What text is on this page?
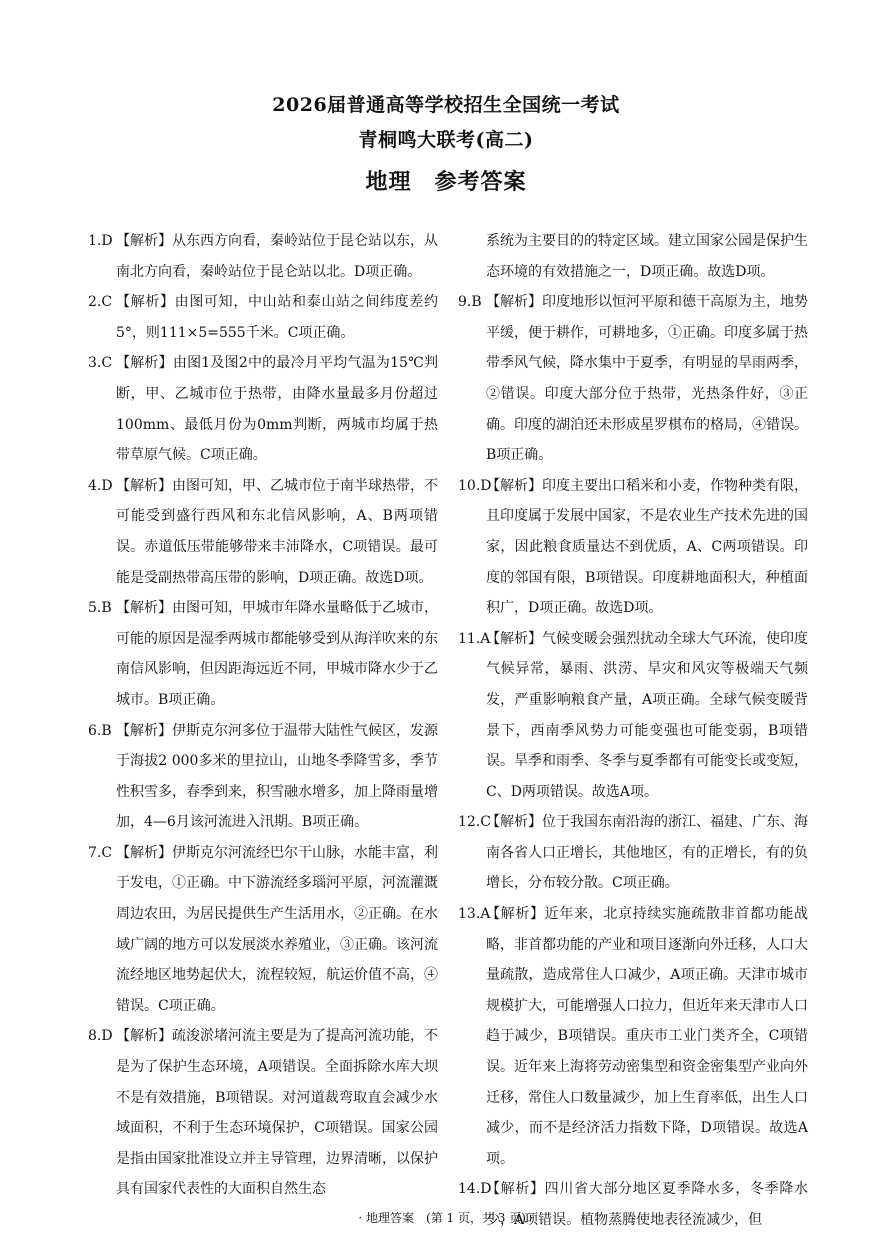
2026届普通高等学校招生全国统一考试
青桐鸣大联考(高二)
地理　参考答案
1.D 【解析】从东西方向看，秦岭站位于昆仑站以东，从南北方向看，秦岭站位于昆仑站以北。D项正确。
2.C 【解析】由图可知，中山站和泰山站之间纬度差约5°，则111×5=555千米。C项正确。
3.C 【解析】由图1及图2中的最冷月平均气温为15℃判断，甲、乙城市位于热带，由降水量最多月份超过100mm、最低月份为0mm判断，两城市均属于热带草原气候。C项正确。
4.D 【解析】由图可知，甲、乙城市位于南半球热带，不可能受到盛行西风和东北信风影响，A、B两项错误。赤道低压带能够带来丰沛降水，C项错误。最可能是受副热带高压带的影响，D项正确。故选D项。
5.B 【解析】由图可知，甲城市年降水量略低于乙城市，可能的原因是湿季两城市都能够受到从海洋吹来的东南信风影响，但因距海远近不同，甲城市降水少于乙城市。B项正确。
6.B 【解析】伊斯克尔河多位于温带大陆性气候区，发源于海拔2 000多米的里拉山，山地冬季降雪多，季节性积雪多，春季到来，积雪融水增多，加上降雨量增加，4—6月该河流进入汛期。B项正确。
7.C 【解析】伊斯克尔河流经巴尔干山脉，水能丰富，利于发电，①正确。中下游流经多瑙河平原，河流灌溉周边农田，为居民提供生产生活用水，②正确。在水域广阔的地方可以发展淡水养殖业，③正确。该河流流经地区地势起伏大，流程较短，航运价值不高，④错误。C项正确。
8.D 【解析】疏浚淤堵河流主要是为了提高河流功能，不是为了保护生态环境，A项错误。全面拆除水库大坝不是有效措施，B项错误。对河道裁弯取直会减少水域面积，不利于生态环境保护，C项错误。国家公园是指由国家批准设立并主导管理，边界清晰，以保护具有国家代表性的大面积自然生态
系统为主要目的的特定区域。建立国家公园是保护生态环境的有效措施之一，D项正确。故选D项。
9.B 【解析】印度地形以恒河平原和德干高原为主，地势平缓，便于耕作，可耕地多，①正确。印度多属于热带季风气候，降水集中于夏季，有明显的旱雨两季，②错误。印度大部分位于热带，光热条件好，③正确。印度的湖泊还未形成星罗棋布的格局，④错误。B项正确。
10.D
【解析】印度主要出口稻米和小麦，作物种类有限，且印度属于发展中国家，不是农业生产技术先进的国家，因此粮食质量达不到优质，A、C两项错误。印度的邻国有限，B项错误。印度耕地面积大，种植面积广，D项正确。故选D项。
11.A
【解析】气候变暖会强烈扰动全球大气环流，使印度气候异常，暴雨、洪涝、旱灾和风灾等极端天气频发，严重影响粮食产量，A项正确。全球气候变暖背景下，西南季风势力可能变强也可能变弱，B项错误。旱季和雨季、冬季与夏季都有可能变长或变短，C、D两项错误。故选A项。
12.C
【解析】位于我国东南沿海的浙江、福建、广东、海南各省人口正增长，其他地区，有的正增长，有的负增长，分布较分散。C项正确。
13.A
【解析】近年来，北京持续实施疏散非首都功能战略，非首都功能的产业和项目逐渐向外迁移，人口大量疏散，造成常住人口减少，A项正确。天津市城市规模扩大，可能增强人口拉力，但近年来天津市人口趋于减少，B项错误。重庆市工业门类齐全，C项错误。近年来上海将劳动密集型和资金密集型产业向外迁移，常住人口数量减少，加上生育率低，出生人口减少，而不是经济活力指数下降，D项错误。故选A项。
14.D
【解析】四川省大部分地区夏季降水多，冬季降水少，A项错误。植物蒸腾使地表径流减少，但
· 地理答案　(第 1 页，共 3 页) ·
